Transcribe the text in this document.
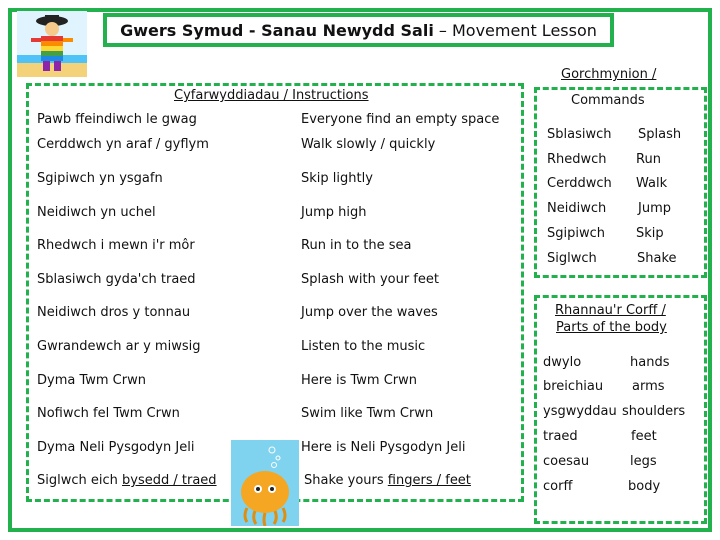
Gwers Symud - Sanau Newydd Sali – Movement Lesson
Cyfarwyddiadau / Instructions
Pawb ffeindiwch le gwag	Everyone find an empty space
Cerddwch yn araf / gyflym	Walk slowly / quickly
Sgipiwch yn ysgafn	Skip lightly
Neidiwch yn uchel	Jump high
Rhedwch i mewn i'r môr	Run in to the sea
Sblasiwch gyda'ch traed	Splash with your feet
Neidiwch dros y tonnau	Jump over the waves
Gwrandewch ar y miwsig	Listen to the music
Dyma Twm Crwn	Here is Twm Crwn
Nofiwch fel Twm Crwn	Swim like Twm Crwn
Dyma Neli Pysgodyn Jeli	Here is Neli Pysgodyn Jeli
Siglwch eich bysedd / traed	Shake yours fingers / feet
Gorchmynion /
Commands
Sblasiwch Splash
Rhedwch Run
Cerddwch Walk
Neidiwch Jump
Sgipiwch Skip
Siglwch	Shake
Rhannau'r Corff /
Parts of the body
dwylo	hands
breichiau arms
ysgwyddau shoulders
traed	feet
coesau	legs
corff	body
